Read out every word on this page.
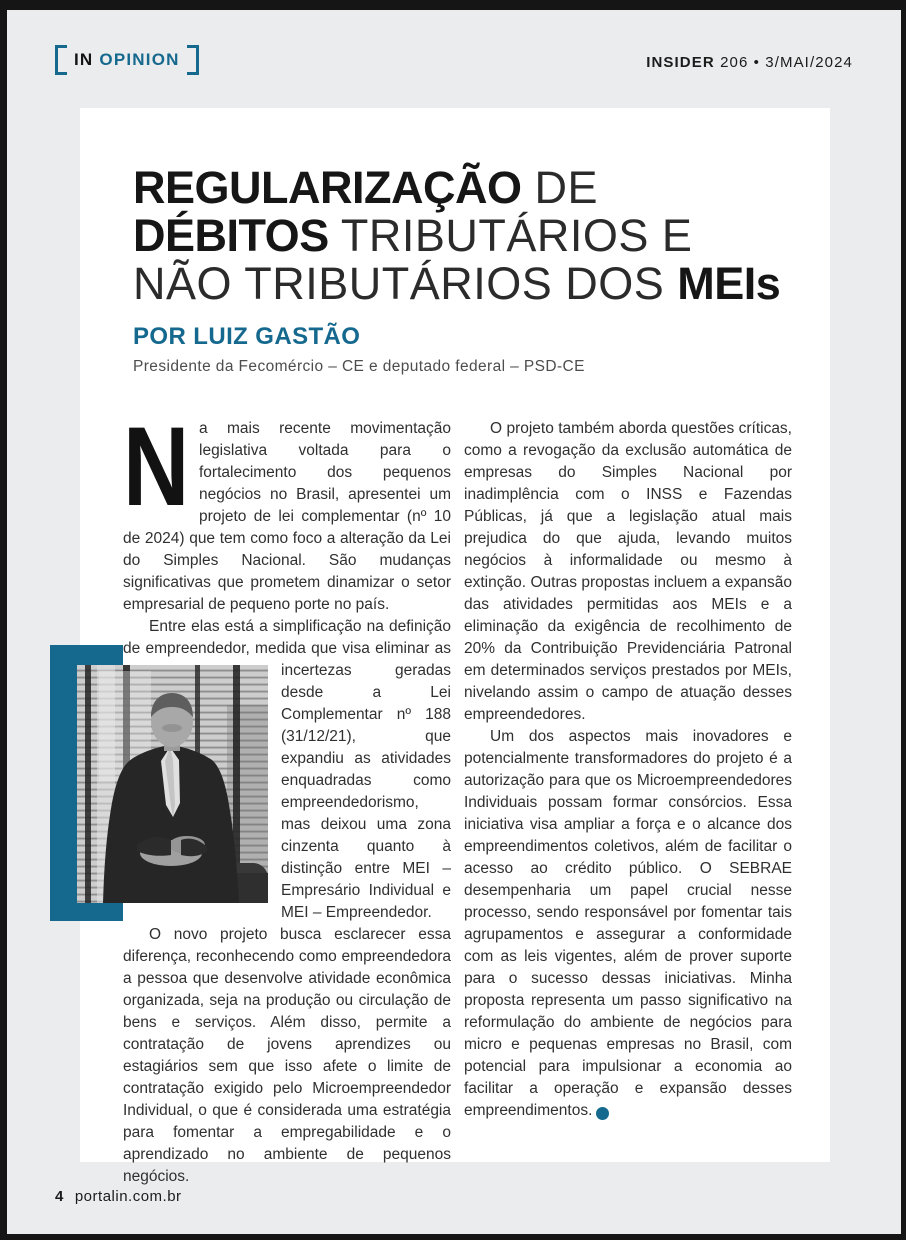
IN OPINION	INSIDER 206 • 3/MAI/2024
REGULARIZAÇÃO DE
DÉBITOS TRIBUTÁRIOS E
NÃO TRIBUTÁRIOS DOS MEIs
POR LUIZ GASTÃO
Presidente da Fecomércio – CE e deputado federal – PSD-CE

Na mais recente movimentação legislativa voltada para o fortalecimento dos pequenos negócios no Brasil, apresentei um projeto de lei complementar (nº 10 de 2024) que tem como foco a alteração da Lei do Simples Nacional. São mudanças significativas que prometem dinamizar o setor empresarial de pequeno porte no país.

Entre elas está a simplificação na definição de empreendedor, medida que visa eliminar as
incertezas geradas desde a Lei Complementar nº 188 (31/12/21), que expandiu as atividades enquadradas como empreendedorismo, mas deixou uma zona cinzenta quanto à distinção entre MEI – Empresário Individual e MEI – Empreendedor.

O novo projeto busca esclarecer essa diferença, reconhecendo como empreendedora a pessoa que desenvolve atividade econômica organizada, seja na produção ou circulação de bens e serviços. Além disso, permite a contratação de jovens aprendizes ou estagiários sem que isso afete o limite de contratação exigido pelo Microempreendedor Individual, o que é considerada uma estratégia para fomentar a empregabilidade e o aprendizado no ambiente de pequenos negócios.

O projeto também aborda questões críticas, como a revogação da exclusão automática de empresas do Simples Nacional por inadimplência com o INSS e Fazendas Públicas, já que a legislação atual mais prejudica do que ajuda, levando muitos negócios à informalidade ou mesmo à extinção. Outras propostas incluem a expansão das atividades permitidas aos MEIs e a eliminação da exigência de recolhimento de 20% da Contribuição Previdenciária Patronal em determinados serviços prestados por MEIs, nivelando assim o campo de atuação desses empreendedores.

Um dos aspectos mais inovadores e potencialmente transformadores do projeto é a autorização para que os Microempreendedores Individuais possam formar consórcios. Essa iniciativa visa ampliar a força e o alcance dos empreendimentos coletivos, além de facilitar o acesso ao crédito público. O SEBRAE desempenharia um papel crucial nesse processo, sendo responsável por fomentar tais agrupamentos e assegurar a conformidade com as leis vigentes, além de prover suporte para o sucesso dessas iniciativas. Minha proposta representa um passo significativo na reformulação do ambiente de negócios para micro e pequenas empresas no Brasil, com potencial para impulsionar a economia ao facilitar a operação e expansão desses empreendimentos. ✱

4 portalin.com.br
